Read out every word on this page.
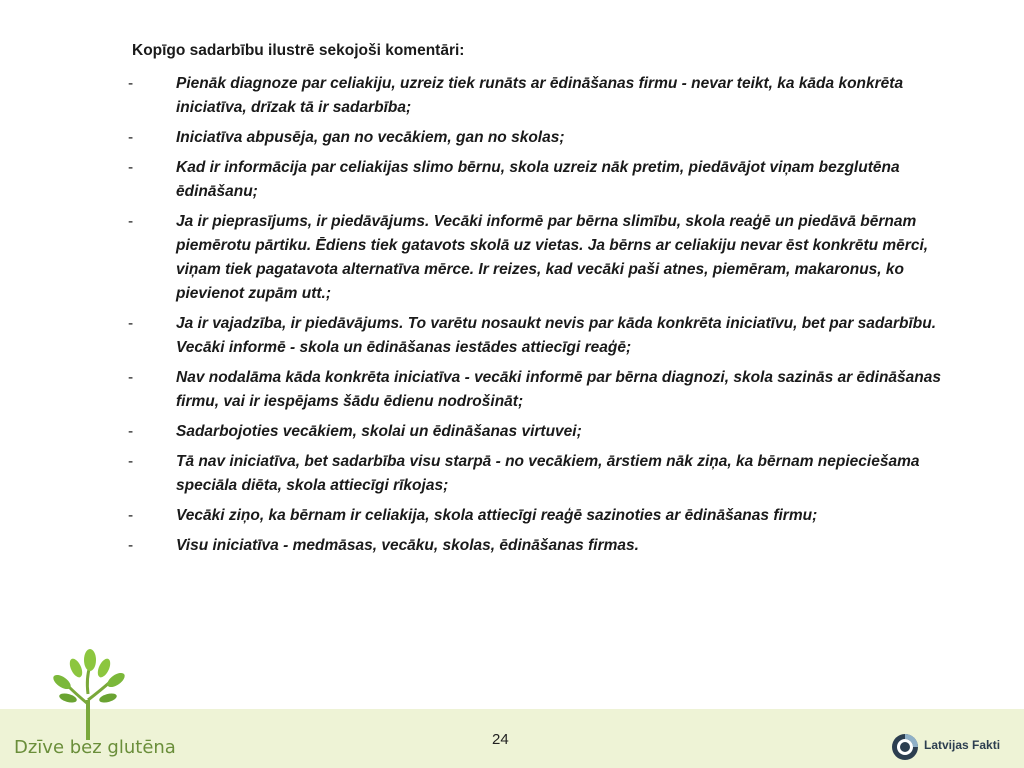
Kopīgo sadarbību ilustrē sekojoši komentāri:
-	Pienāk diagnoze par celiakiju, uzreiz tiek runāts ar ēdināšanas firmu - nevar teikt, ka kāda konkrēta iniciatīva, drīzak tā ir sadarbība;
-	Iniciatīva abpusēja, gan no vecākiem, gan no skolas;
-	Kad ir informācija par celiakijas slimo bērnu, skola uzreiz nāk pretim, piedāvājot viņam bezglutēna ēdināšanu;
-	Ja ir pieprasījums, ir piedāvājums. Vecāki informē par bērna slimību, skola reaģē un piedāvā bērnam piemērotu pārtiku. Ēdiens tiek gatavots skolā uz vietas. Ja bērns ar celiakiju nevar ēst konkrētu mērci, viņam tiek pagatavota alternatīva mērce. Ir reizes, kad vecāki paši atnes, piemēram, makaronus, ko pievienot zupām utt.;
-	Ja ir vajadzība, ir piedāvājums. To varētu nosaukt nevis par kāda konkrēta iniciatīvu, bet par sadarbību. Vecāki informē - skola un ēdināšanas iestādes attiecīgi reaģē;
-	Nav nodalāma kāda konkrēta iniciatīva - vecāki informē par bērna diagnozi, skola sazinās ar ēdināšanas firmu, vai ir iespējams šādu ēdienu nodrošināt;
-	Sadarbojoties vecākiem, skolai un ēdināšanas virtuvei;
-	Tā nav iniciatīva, bet sadarbība visu starpā - no vecākiem, ārstiem nāk ziņa, ka bērnam nepieciešama speciāla diēta, skola attiecīgi rīkojas;
-	Vecāki ziņo, ka bērnam ir celiakija, skola attiecīgi reaģē sazinoties ar ēdināšanas firmu;
-	Visu iniciatīva - medmāsas, vecāku, skolas, ēdināšanas firmas.
Dzīve bez glutēna	24	Latvijas Fakti
